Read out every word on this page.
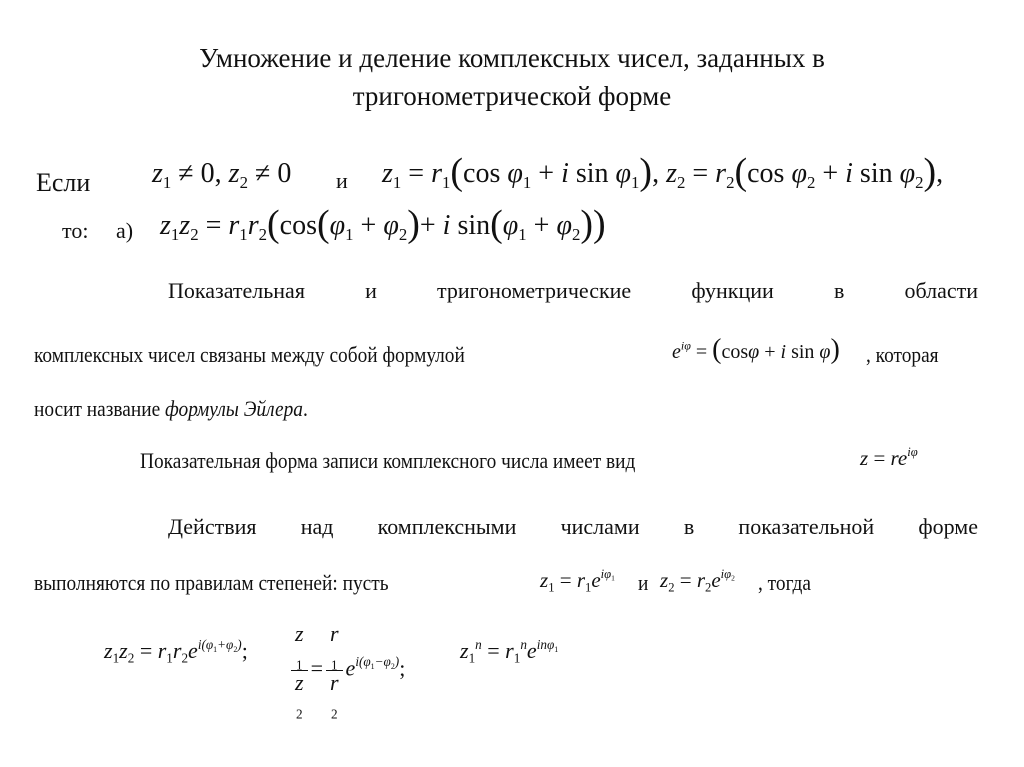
Умножение и деление комплексных чисел, заданных в
тригонометрической форме
Если $z_1 \ne 0$, $z_2 \ne 0$ и $z_1 = r_1(\cos$ $\varphi_1 + i$ $\sin \varphi_1$), $z_2 = r_2(\cos$ $\varphi_2 + i$ $\sin \varphi_2$),
то: а) $z_1z_2 = r_1r_2(\cos(\varphi_1 + \varphi_2)+ i$ $\sin(\varphi_1 + \varphi_2)$)
Показательная	и	тригонометрические	функции	в	области
комплексных чисел связаны между собой формулой	$e^{i\varphi} = (\cos\varphi + i$ sin φ) , которая
носит название формулы Эйлера.
Показательная форма записи комплексного числа имеет вид	$z = re^{i\varphi}$
Действия над комплексными числами в показательной форме
выполняются по правилам степеней: пусть	$z_1 = r_1e^{i\varphi_1}$ и $z_2 = r_2e^{i\varphi_2}$ , тогда
$z_1z_2 = r_1r_2e^{i(\varphi_1+\varphi_2)}$; z
$_1$
z
$_2$ = r
$_1$
r
$_2$ $e^{i(\varphi_1-\varphi_2)}$;
$z_1^n = r_1^ne^{in\varphi_1}$
